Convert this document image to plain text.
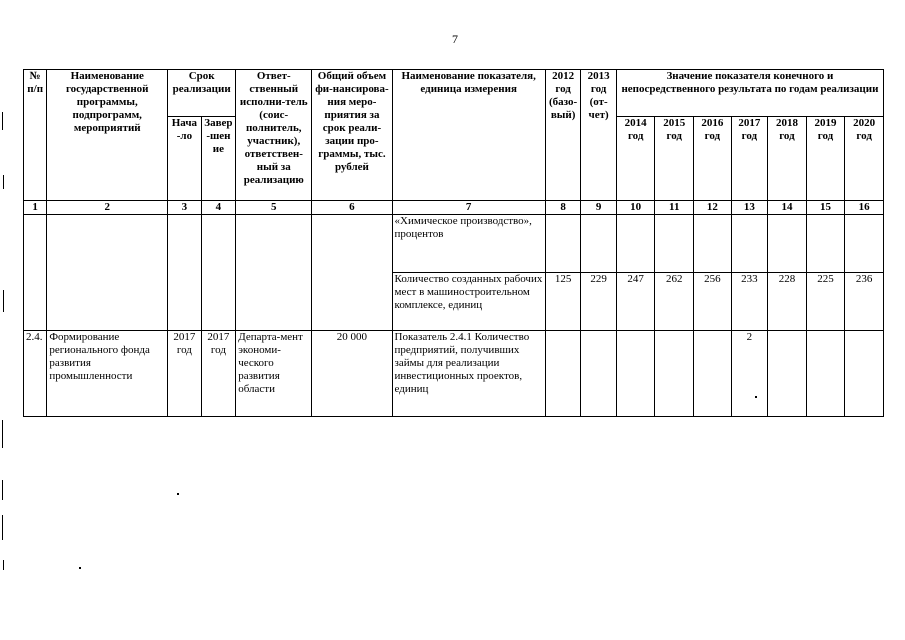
7
№ п/п	Наименование государственной программы, подпрограмм, мероприятий	Срок реализации		Ответ-ственный исполни-тель (соис-полнитель, участник), ответствен-ный за реализацию	Общий объем фи-нансирова-ния меро-приятия за срок реали-зации про-граммы, тыс. рублей	Наименование показателя, единица измерения	2012 год (базо-вый)	2013 год (от-чет)	Значение показателя конечного и непосредственного результата по годам реализации						
		Нача-ло	Завер-шение						2014 год	2015 год	2016 год	2017 год	2018 год	2019 год	2020 год
1	2	3	4	5	6	7	8	9	10	11	12	13	14	15	16
						«Химическое производство», процентов									
						Количество созданных рабочих мест в машиностроительном комплексе, единиц	125	229	247	262	256	233	228	225	236
2.4.	Формирование регионального фонда развития промышленности	2017 год	2017 год	Департа-мент экономи-ческого развития области	20 000	Показатель 2.4.1 Количество предприятий, получивших займы для реализации инвестиционных проектов, единиц						2			
